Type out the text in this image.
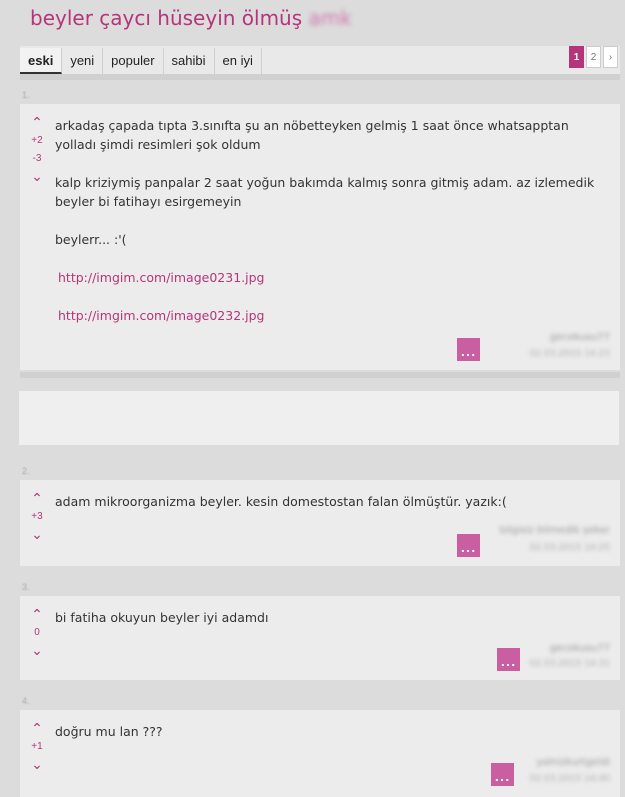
beyler çaycı hüseyin ölmüş amk
eski	yeni	populer	sahibi	en iyi	1	2	›
1.
⌃
+2
-3
⌄

arkadaş çapada tıpta 3.sınıfta şu an nöbetteyken gelmiş 1 saat önce whatsapptan yolladı şimdi resimleri şok oldum

kalp kriziymiş panpalar 2 saat yoğun bakımda kalmış sonra gitmiş adam. az izlemedik beyler bi fatihayı esirgemeyin

beylerr... :'(

http://imgim.com/image0231.jpg
http://imgim.com/image0232.jpg
...
gecekusu77
02.03.2015 14:23
2.
⌃
+3
⌄

adam mikroorganizma beyler. kesin domestostan falan ölmüştür. yazık:(

...
bilgisiz bilmedik şeker
02.03.2015 14:25
3.
⌃
0
⌄

bi fatiha okuyun beyler iyi adamdı

...
gecekusu77
02.03.2015 14:31
4.
⌃
+1
⌄

doğru mu lan ???

...
yalnizkurtgeldi
02.03.2015 14:40
